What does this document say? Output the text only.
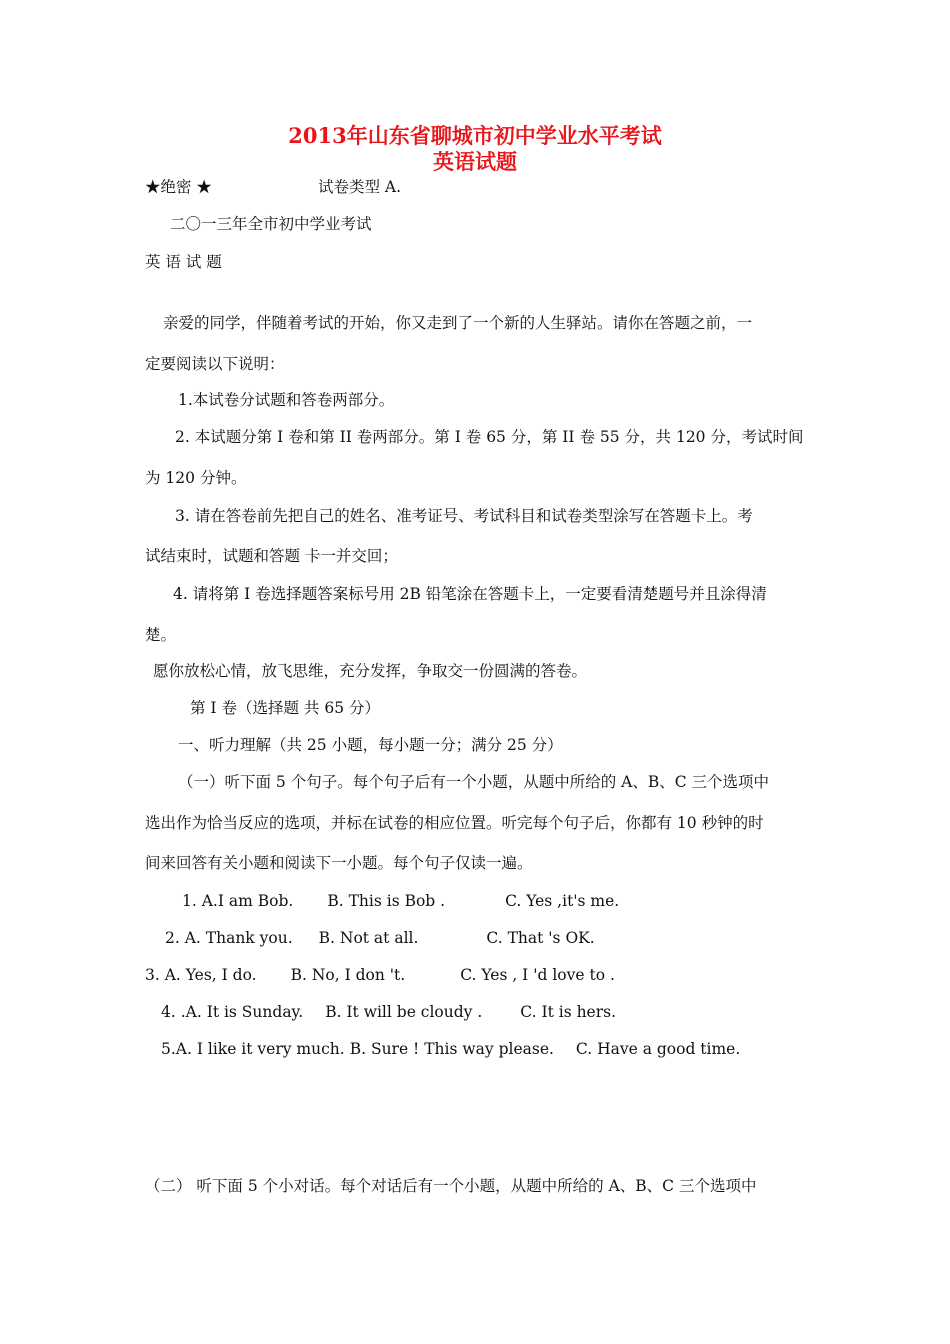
2013年山东省聊城市初中学业水平考试
英语试题
★绝密 ★	试卷类型 A.
二〇一三年全市初中学业考试
英 语 试 题
亲爱的同学，伴随着考试的开始，你又走到了一个新的人生驿站。请你在答题之前，一
定要阅读以下说明：
1.本试卷分试题和答卷两部分。
2. 本试题分第 I 卷和第 II 卷两部分。第 I 卷 65 分，第 II 卷 55 分，共 120 分，考试时间
为 120 分钟。
3. 请在答卷前先把自己的姓名、准考证号、考试科目和试卷类型涂写在答题卡上。考
试结束时，试题和答题 卡一并交回；
4. 请将第 I 卷选择题答案标号用 2B 铅笔涂在答题卡上，一定要看清楚题号并且涂得清
楚。
愿你放松心情，放飞思维，充分发挥，争取交一份圆满的答卷。
第 I 卷（选择题 共 65 分）
一、听力理解（共 25 小题，每小题一分；满分 25 分）
（一）听下面 5 个句子。每个句子后有一个小题，从题中所给的 A、B、C 三个选项中
选出作为恰当反应的选项，并标在试卷的相应位置。听完每个句子后，你都有 10 秒钟的时
间来回答有关小题和阅读下一小题。每个句子仅读一遍。
1. A.I am Bob. B. This is Bob .	C. Yes ,it's me.
2. A. Thank you. B. Not at all.	C. That 's OK.
3. A. Yes, I do. B. No, I don 't.	C. Yes , I 'd love to .
4. .A. It is Sunday. B. It will be cloudy . C. It is hers.
5.A. I like it very much. B. Sure ! This way please. C. Have a good time.
（二） 听下面 5 个小对话。每个对话后有一个小题，从题中所给的 A、B、C 三个选项中
